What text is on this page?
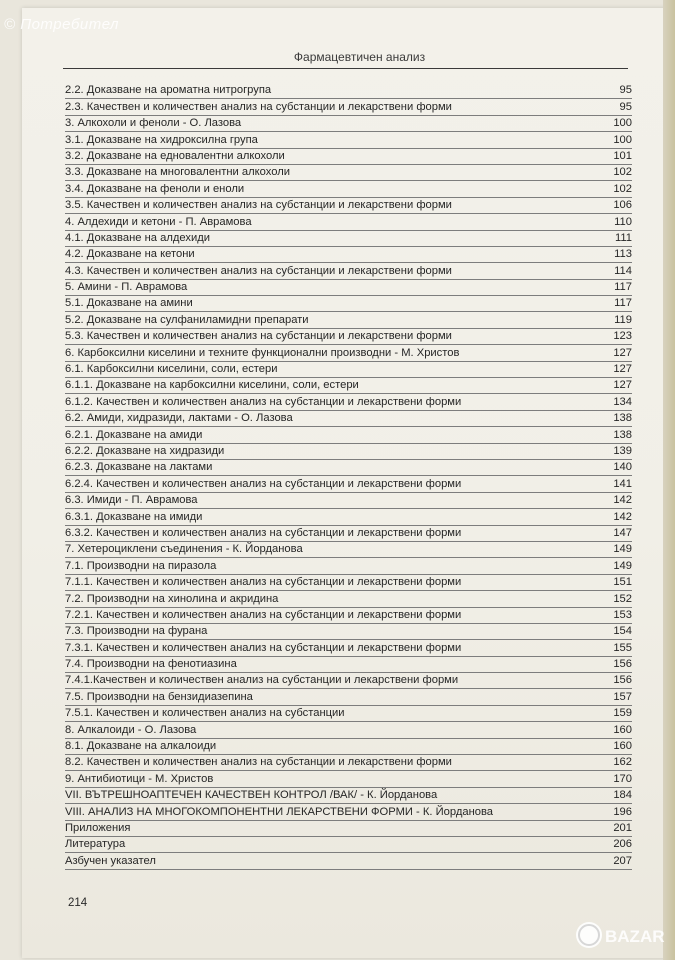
© Потребител
Фармацевтичен анализ
2.2. Доказване на ароматна нитрогрупа	95
2.3. Качествен и количествен анализ на субстанции и лекарствени форми	95
3. Алкохоли и феноли - О. Лазова	100
3.1. Доказване на хидроксилна група	100
3.2. Доказване на едновалентни алкохоли	101
3.3. Доказване на многовалентни алкохоли	102
3.4. Доказване на феноли и еноли	102
3.5. Качествен и количествен анализ на субстанции и лекарствени форми	106
4. Алдехиди и кетони - П. Аврамова	110
4.1. Доказване на алдехиди	111
4.2. Доказване на кетони	113
4.3. Качествен и количествен анализ на субстанции и лекарствени форми	114
5. Амини - П. Аврамова	117
5.1. Доказване на амини	117
5.2. Доказване на сулфаниламидни препарати	119
5.3. Качествен и количествен анализ на субстанции и лекарствени форми	123
6. Карбоксилни киселини и техните функционални производни - М. Христов	127
6.1. Карбоксилни киселини, соли, естери	127
6.1.1. Доказване на карбоксилни киселини, соли, естери	127
6.1.2. Качествен и количествен анализ на субстанции и лекарствени форми	134
6.2. Амиди, хидразиди, лактами - О. Лазова	138
6.2.1. Доказване на амиди	138
6.2.2. Доказване на хидразиди	139
6.2.3. Доказване на лактами	140
6.2.4. Качествен и количествен анализ на субстанции и лекарствени форми	141
6.3. Имиди - П. Аврамова	142
6.3.1. Доказване на имиди	142
6.3.2. Качествен и количествен анализ на субстанции и лекарствени форми	147
7. Хетероциклени съединения - К. Йорданова	149
7.1. Производни на пиразола	149
7.1.1. Качествен и количествен анализ на субстанции и лекарствени форми	151
7.2. Производни на хинолина и акридина	152
7.2.1. Качествен и количествен анализ на субстанции и лекарствени форми	153
7.3. Производни на фурана	154
7.3.1. Качествен и количествен анализ на субстанции и лекарствени форми	155
7.4. Производни на фенотиазина	156
7.4.1.Качествен и количествен анализ на субстанции и лекарствени форми	156
7.5. Производни на бензидиазепина	157
7.5.1. Качествен и количествен анализ на субстанции	159
8. Алкалоиди - О. Лазова	160
8.1. Доказване на алкалоиди	160
8.2. Качествен и количествен анализ на субстанции и лекарствени форми	162
9. Антибиотици - М. Христов	170
VII. ВЪТРЕШНОАПТЕЧЕН КАЧЕСТВЕН КОНТРОЛ /ВАК/ - К. Йорданова	184
VIII. АНАЛИЗ НА МНОГОКОМПОНЕНТНИ ЛЕКАРСТВЕНИ ФОРМИ - К. Йорданова	196
Приложения	201
Литература	206
Азбучен указател	207
214
BAZAR
